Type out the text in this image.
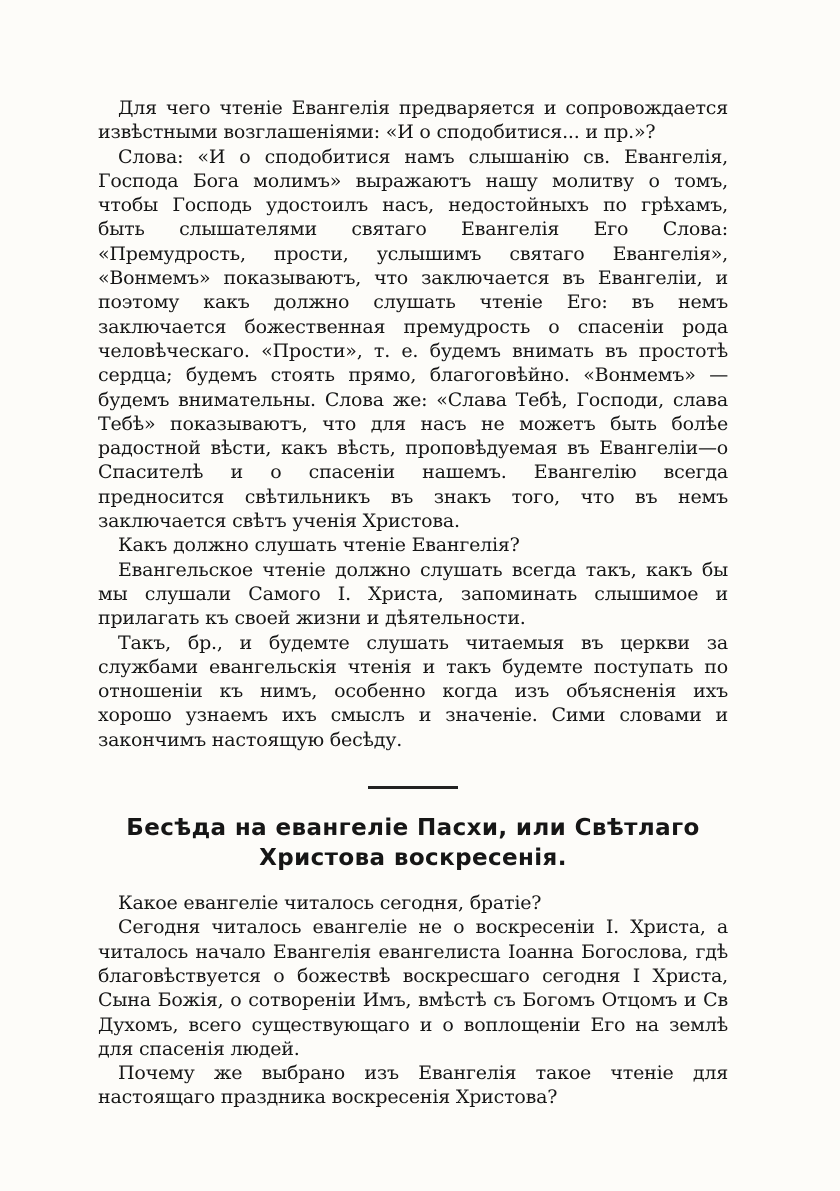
Для чего чтеніе Евангелія предваряется и сопровождается извѣстными возглашеніями: «И о сподобитися... и пр.»?

Слова: «И о сподобитися намъ слышанію св. Евангелія, Господа Бога молимъ» выражаютъ нашу молитву о томъ, чтобы Господь удостоилъ насъ, недостойныхъ по грѣхамъ, быть слышателями святаго Евангелія Его Слова: «Премудрость, прости, услышимъ святаго Евангелія», «Вонмемъ» показываютъ, что заключается въ Евангеліи, и поэтому какъ должно слушать чтеніе Его: въ немъ заключается божественная премудрость о спасеніи рода человѣческаго. «Прости», т. е. будемъ внимать въ простотѣ сердца; будемъ стоять прямо, благоговѣйно. «Вонмемъ» — будемъ внимательны. Слова же: «Слава Тебѣ, Господи, слава Тебѣ» показываютъ, что для насъ не можетъ быть болѣе радостной вѣсти, какъ вѣсть, проповѣдуемая въ Евангеліи—о Спасителѣ и о спасеніи нашемъ. Евангелію всегда предносится свѣтильникъ въ знакъ того, что въ немъ заключается свѣтъ ученія Христова.

Какъ должно слушать чтеніе Евангелія?

Евангельское чтеніе должно слушать всегда такъ, какъ бы мы слушали Самого І. Христа, запоминать слышимое и прилагать къ своей жизни и дѣятельности.

Такъ, бр., и будемте слушать читаемыя въ церкви за службами евангельскія чтенія и такъ будемте поступать по отношеніи къ нимъ, особенно когда изъ объясненія ихъ хорошо узнаемъ ихъ смыслъ и значеніе. Сими словами и закончимъ настоящую бесѣду.

Бесѣда на евангеліе Пасхи, или Свѣтлаго Христова воскресенія.

Какое евангеліе читалось сегодня, братіе?

Сегодня читалось евангеліе не о воскресеніи І. Христа, а читалось начало Евангелія евангелиста Іоанна Богослова, гдѣ благовѣствуется о божествѣ воскресшаго сегодня І Христа, Сына Божія, о сотвореніи Имъ, вмѣстѣ съ Богомъ Отцомъ и Св Духомъ, всего существующаго и о воплощеніи Его на землѣ для спасенія людей.

Почему же выбрано изъ Евангелія такое чтеніе для настоящаго праздника воскресенія Христова?
